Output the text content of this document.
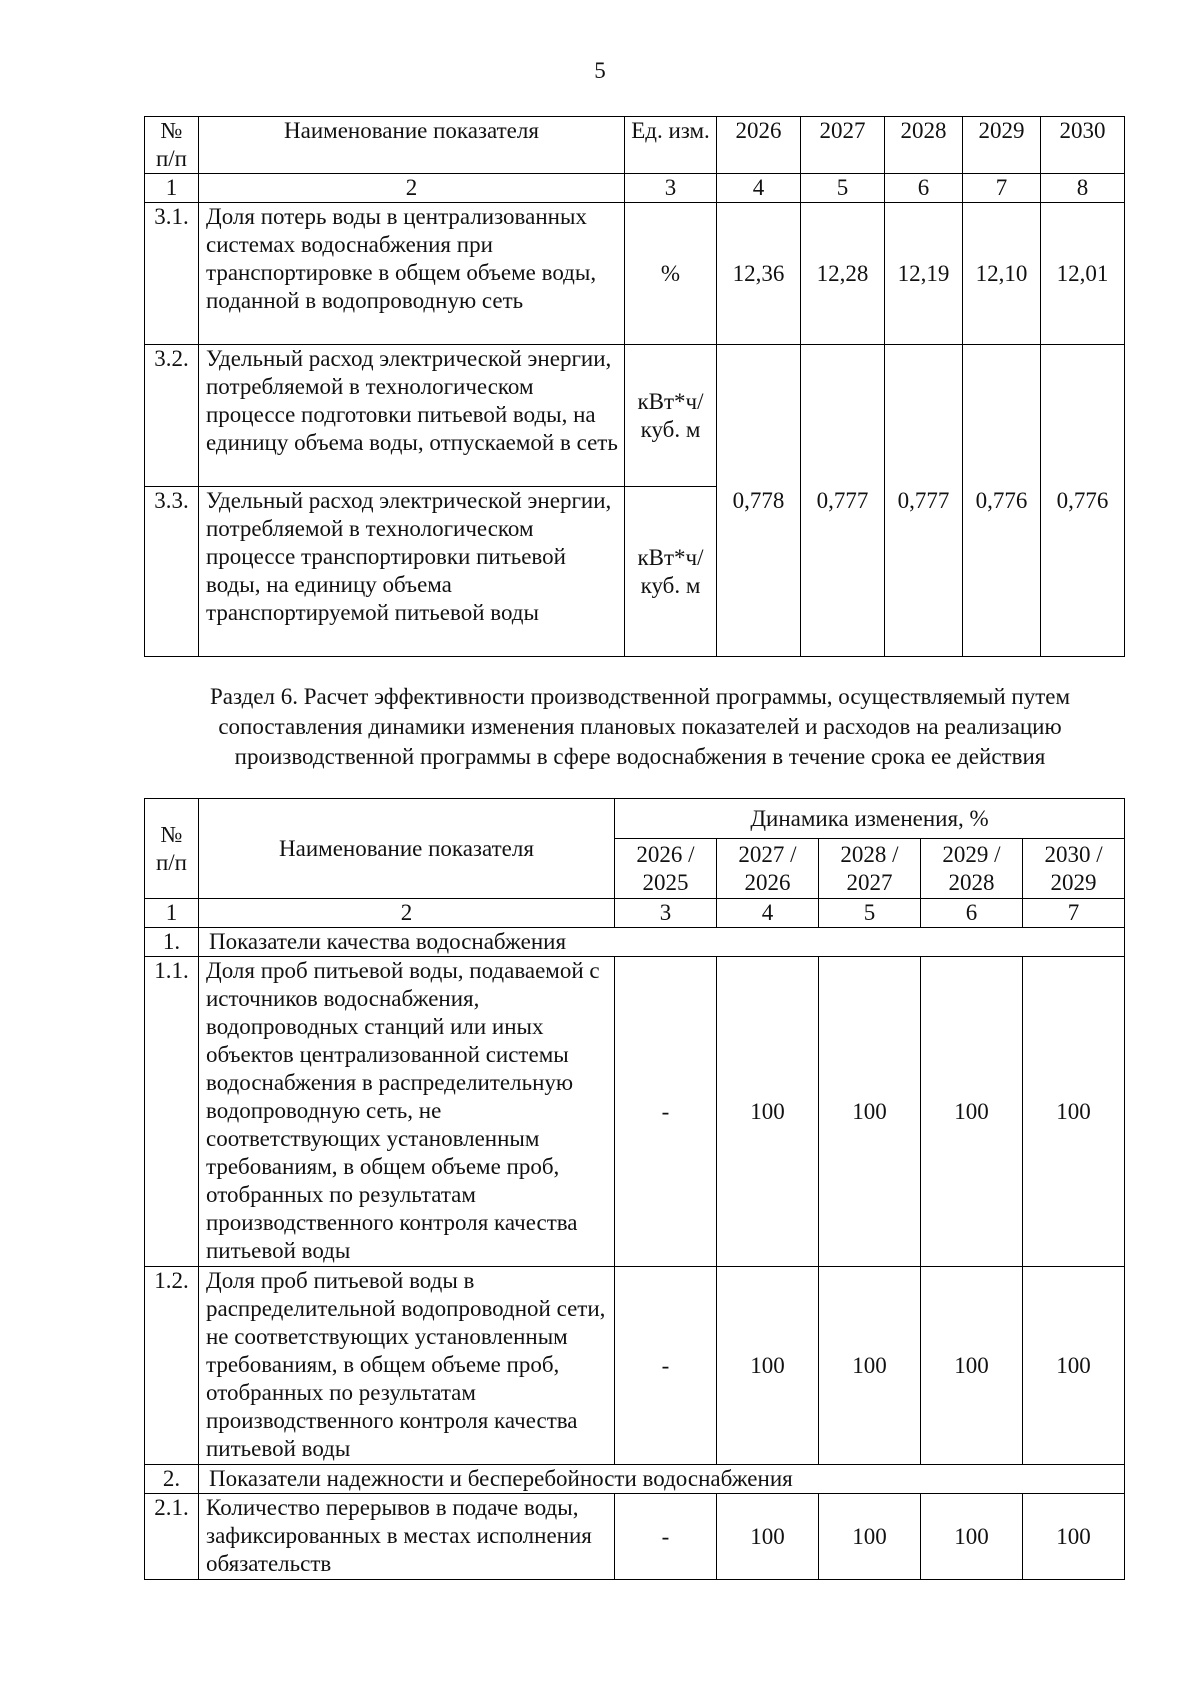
5
№ п/п	Наименование показателя	Ед. изм.	2026	2027	2028	2029	2030
1	2	3	4	5	6	7	8
3.1.	Доля потерь воды в централизованных системах водоснабжения при транспортировке в общем объеме воды, поданной в водопроводную сеть	%	12,36	12,28	12,19	12,10	12,01
3.2.	Удельный расход электрической энергии, потребляемой в технологическом процессе подготовки питьевой воды, на единицу объема воды, отпускаемой в сеть	кВт*ч/ куб. м	0,778	0,777	0,777	0,776	0,776
3.3.	Удельный расход электрической энергии, потребляемой в технологическом процессе транспортировки питьевой воды, на единицу объема транспортируемой питьевой воды	кВт*ч/ куб. м					
Раздел 6. Расчет эффективности производственной программы, осуществляемый путем
сопоставления динамики изменения плановых показателей и расходов на реализацию
производственной программы в сфере водоснабжения в течение срока ее действия
№ п/п	Наименование показателя	Динамика изменения, %				
		2026 / 2025	2027 / 2026	2028 / 2027	2029 / 2028	2030 / 2029
1	2	3	4	5	6	7
1.	Показатели качества водоснабжения					
1.1.	Доля проб питьевой воды, подаваемой с источников водоснабжения, водопроводных станций или иных объектов централизованной системы водоснабжения в распределительную водопроводную сеть, не соответствующих установленным требованиям, в общем объеме проб, отобранных по результатам производственного контроля качества питьевой воды	-	100	100	100	100
1.2.	Доля проб питьевой воды в распределительной водопроводной сети, не соответствующих установленным требованиям, в общем объеме проб, отобранных по результатам производственного контроля качества питьевой воды	-	100	100	100	100
2.	Показатели надежности и бесперебойности водоснабжения					
2.1.	Количество перерывов в подаче воды, зафиксированных в местах исполнения обязательств	-	100	100	100	100
